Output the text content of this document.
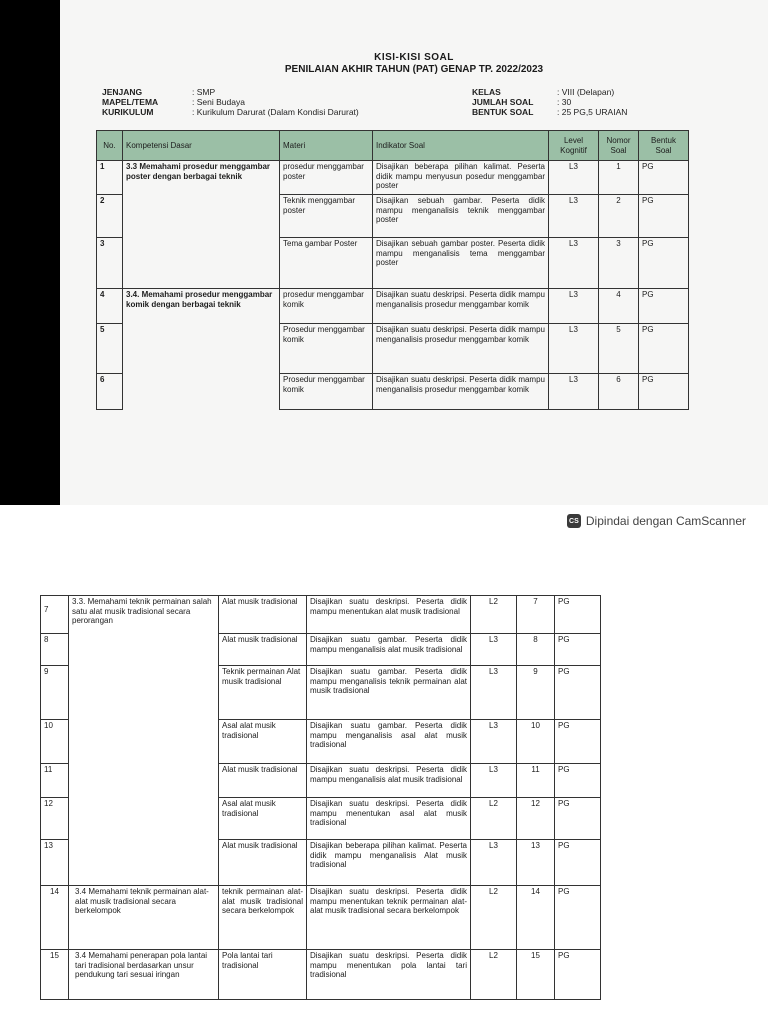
KISI-KISI SOAL
PENILAIAN AKHIR TAHUN (PAT) GENAP TP. 2022/2023
JENJANG	: SMP
MAPEL/TEMA	: Seni Budaya
KURIKULUM	: Kurikulum Darurat (Dalam Kondisi Darurat)
KELAS	: VIII (Delapan)
JUMLAH SOAL	: 30
BENTUK SOAL	: 25 PG,5 URAIAN
No.	Kompetensi Dasar	Materi	Indikator Soal	Level Kognitif	Nomor Soal	Bentuk Soal
1	3.3 Memahami prosedur menggambar poster dengan berbagai teknik	prosedur menggambar poster	Disajikan beberapa pilihan kalimat. Peserta didik mampu menyusun posedur menggambar poster	L3	1	PG
2		Teknik menggambar poster	Disajikan sebuah gambar. Peserta didik mampu menganalisis teknik menggambar poster	L3	2	PG
3		Tema gambar Poster	Disajikan sebuah gambar poster. Peserta didik mampu menganalisis tema menggambar poster	L3	3	PG
4	3.4. Memahami prosedur menggambar komik dengan berbagai teknik	prosedur menggambar komik	Disajikan suatu deskripsi. Peserta didik mampu menganalisis prosedur menggambar komik	L3	4	PG
5		Prosedur menggambar komik	Disajikan suatu deskripsi. Peserta didik mampu menganalisis prosedur menggambar komik	L3	5	PG
6		Prosedur menggambar komik	Disajikan suatu deskripsi. Peserta didik mampu menganalisis prosedur menggambar komik	L3	6	PG
CS Dipindai dengan CamScanner
7	3.3. Memahami teknik permainan salah satu alat musik tradisional secara perorangan	Alat musik tradisional	Disajikan suatu deskripsi. Peserta didik mampu menentukan alat musik tradisional	L2	7	PG
8		Alat musik tradisional	Disajikan suatu gambar. Peserta didik mampu menganalisis alat musik tradisional	L3	8	PG
9		Teknik permainan Alat musik tradisional	Disajikan suatu gambar. Peserta didik mampu menganalisis teknik permainan alat musik tradisional	L3	9	PG
10		Asal alat musik tradisional	Disajikan suatu gambar. Peserta didik mampu menganalisis asal alat musik tradisional	L3	10	PG
11		Alat musik tradisional	Disajikan suatu deskripsi. Peserta didik mampu menganalisis alat musik tradisional	L3	11	PG
12		Asal alat musik tradisional	Disajikan suatu deskripsi. Peserta didik mampu menentukan asal alat musik tradisional	L2	12	PG
13		Alat musik tradisional	Disajikan beberapa pilihan kalimat. Peserta didik mampu menganalisis Alat musik tradisional	L3	13	PG
14	3.4 Memahami teknik permainan alat-alat musik tradisional secara berkelompok	teknik permainan alat-alat musik tradisional secara berkelompok	Disajikan suatu deskripsi. Peserta didik mampu menentukan teknik permainan alat-alat musik tradisional secara berkelompok	L2	14	PG
15	3.4 Memahami penerapan pola lantai tari tradisional berdasarkan unsur pendukung tari sesuai iringan	Pola lantai tari tradisional	Disajikan suatu deskripsi. Peserta didik mampu menentukan pola lantai tari tradisional	L2	15	PG
